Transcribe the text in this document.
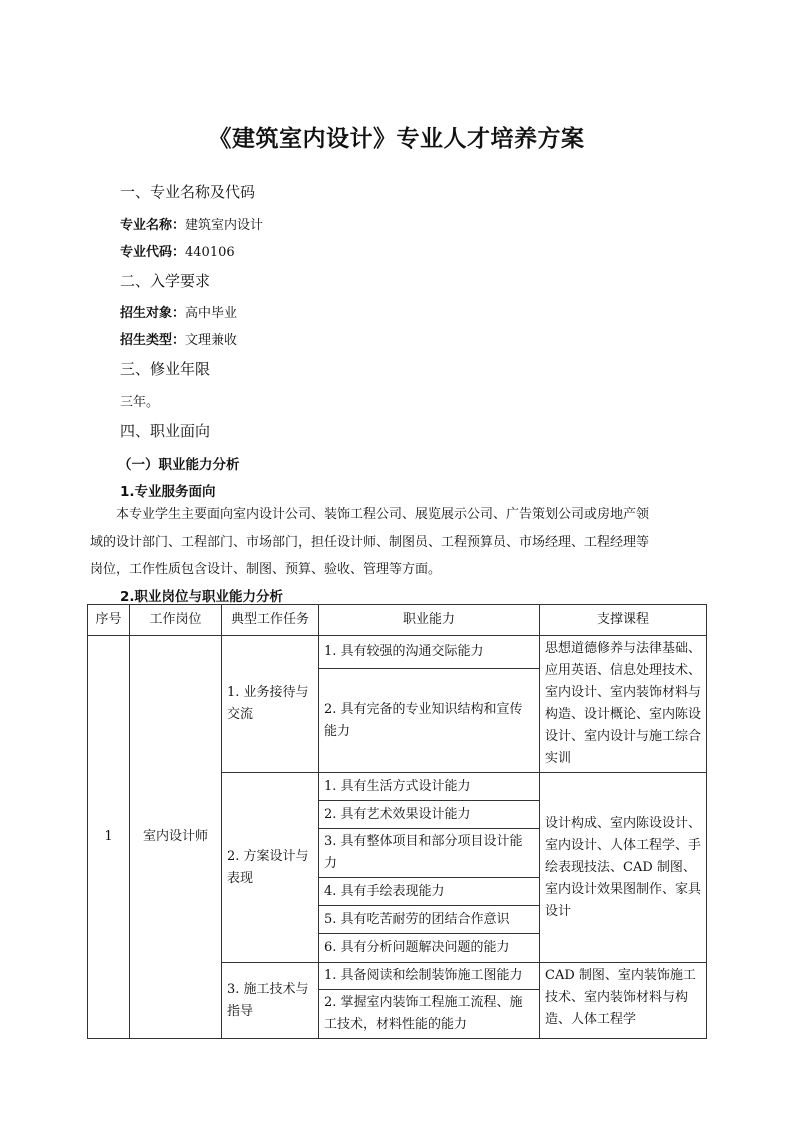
《建筑室内设计》专业人才培养方案
一、专业名称及代码
专业名称：建筑室内设计
专业代码：440106
二、入学要求
招生对象：高中毕业
招生类型：文理兼收
三、修业年限
三年。
四、职业面向
（一）职业能力分析
1.专业服务面向
本专业学生主要面向室内设计公司、装饰工程公司、展览展示公司、广告策划公司或房地产领
域的设计部门、工程部门、市场部门，担任设计师、制图员、工程预算员、市场经理、工程经理等
岗位，工作性质包含设计、制图、预算、验收、管理等方面。
2.职业岗位与职业能力分析
序号	工作岗位	典型工作任务	职业能力	支撑课程
1	室内设计师	1. 业务接待与交流	1. 具有较强的沟通交际能力	思想道德修养与法律基础、应用英语、信息处理技术、室内设计、室内装饰材料与构造、设计概论、室内陈设设计、室内设计与施工综合实训
			2. 具有完备的专业知识结构和宣传能力	
		2. 方案设计与表现	1. 具有生活方式设计能力	设计构成、室内陈设设计、室内设计、人体工程学、手绘表现技法、CAD 制图、室内设计效果图制作、家具设计
			2. 具有艺术效果设计能力	
			3. 具有整体项目和部分项目设计能力	
			4. 具有手绘表现能力	
			5. 具有吃苦耐劳的团结合作意识	
			6. 具有分析问题解决问题的能力	
		3. 施工技术与指导	1. 具备阅读和绘制装饰施工图能力	CAD 制图、室内装饰施工技术、室内装饰材料与构造、人体工程学
			2. 掌握室内装饰工程施工流程、施工技术，材料性能的能力	
